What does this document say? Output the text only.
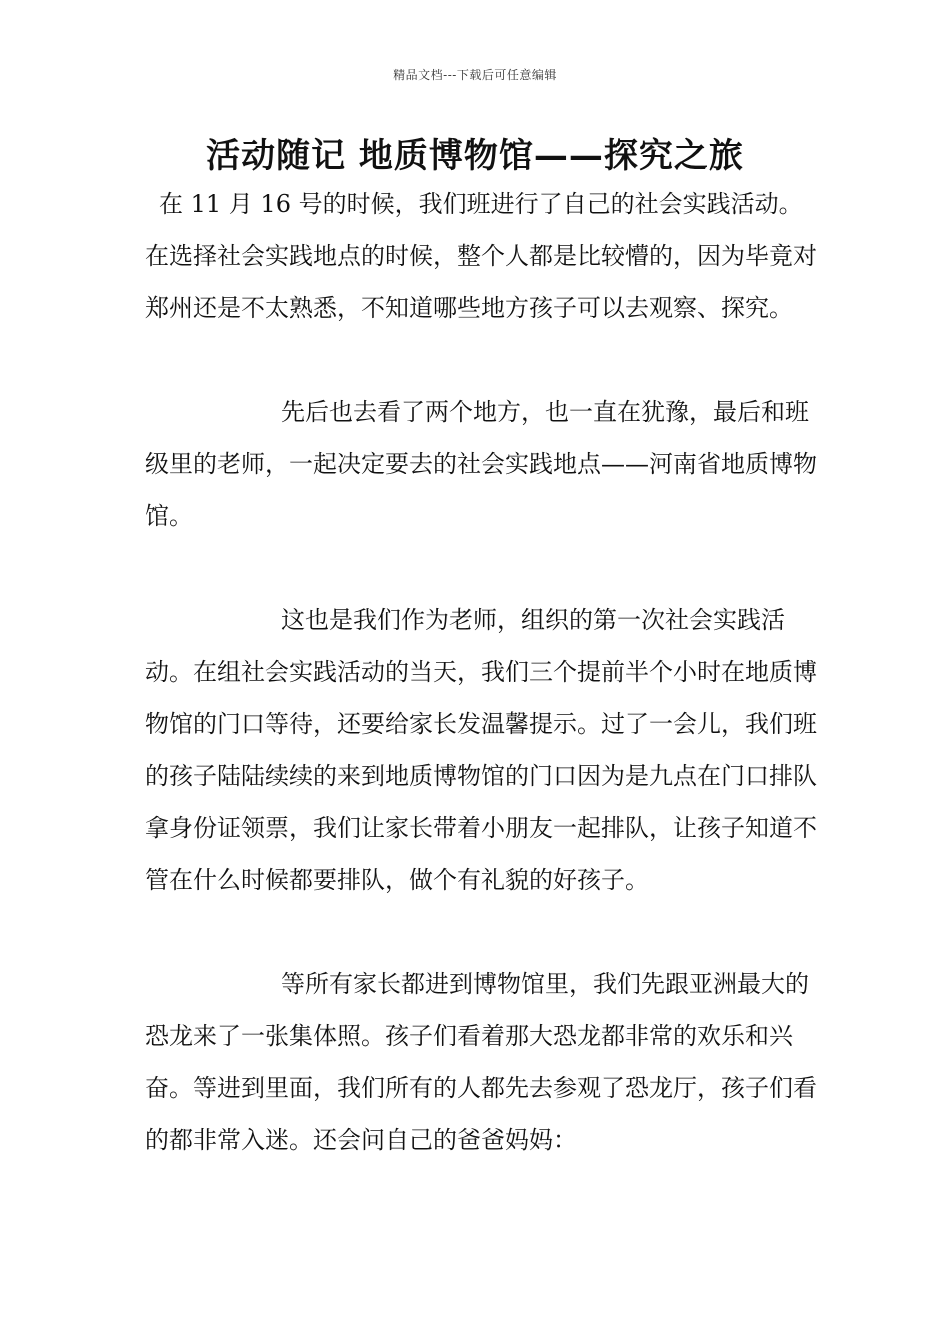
精品文档---下载后可任意编辑
活动随记 地质博物馆——探究之旅

在 11 月 16 号的时候，我们班进行了自己的社会实践活动。在选择社会实践地点的时候，整个人都是比较懵的，因为毕竟对郑州还是不太熟悉，不知道哪些地方孩子可以去观察、探究。

先后也去看了两个地方，也一直在犹豫，最后和班级里的老师，一起决定要去的社会实践地点——河南省地质博物馆。

这也是我们作为老师，组织的第一次社会实践活动。在组社会实践活动的当天，我们三个提前半个小时在地质博物馆的门口等待，还要给家长发温馨提示。过了一会儿，我们班的孩子陆陆续续的来到地质博物馆的门口因为是九点在门口排队拿身份证领票，我们让家长带着小朋友一起排队，让孩子知道不管在什么时候都要排队，做个有礼貌的好孩子。

等所有家长都进到博物馆里，我们先跟亚洲最大的恐龙来了一张集体照。孩子们看着那大恐龙都非常的欢乐和兴奋。等进到里面，我们所有的人都先去参观了恐龙厅，孩子们看的都非常入迷。还会问自己的爸爸妈妈：
